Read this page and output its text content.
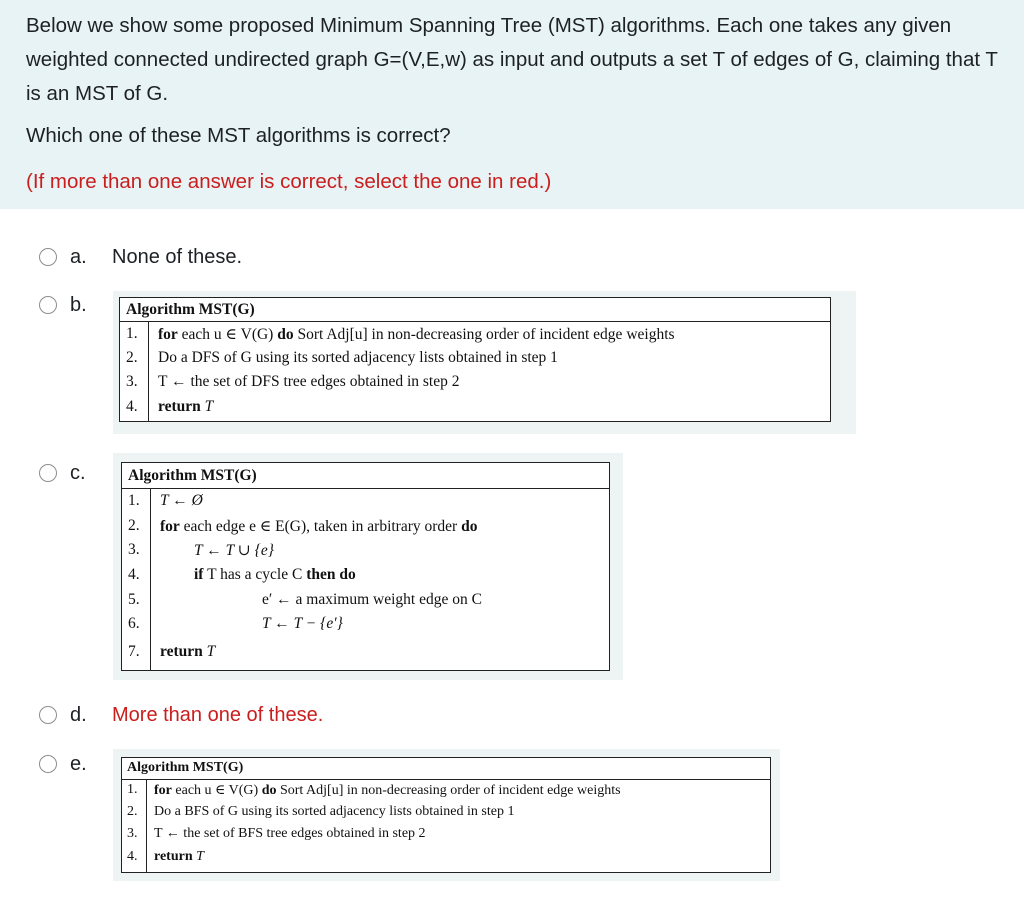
Below we show some proposed Minimum Spanning Tree (MST) algorithms. Each one takes any given weighted connected undirected graph G=(V,E,w) as input and outputs a set T of edges of G, claiming that T is an MST of G.

Which one of these MST algorithms is correct?

(If more than one answer is correct, select the one in red.)

a. None of these.
b.	Algorithm MST(G)
1. for each u ∈ V(G) do Sort Adj[u] in non-decreasing order of incident edge weights
2. Do a DFS of G using its sorted adjacency lists obtained in step 1
3. T ← the set of DFS tree edges obtained in step 2
4. return T
c.	Algorithm MST(G)
1. T ← Ø
2. for each edge e ∈ E(G), taken in arbitrary order do
3.	T ← T ∪ {e}
4.	if T has a cycle C then do
5.	e′ ← a maximum weight edge on C
6.	T ← T − {e′}
7. return T
d. More than one of these.
e.	Algorithm MST(G)
1. for each u ∈ V(G) do Sort Adj[u] in non-decreasing order of incident edge weights
2. Do a BFS of G using its sorted adjacency lists obtained in step 1
3. T ← the set of BFS tree edges obtained in step 2
4. return T
